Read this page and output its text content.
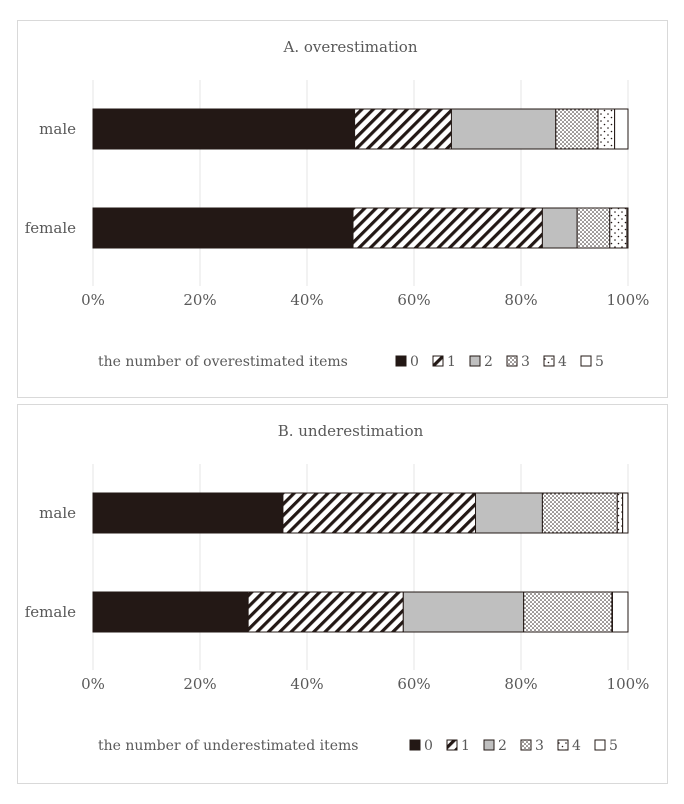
A. overestimation
0%	20%	40%	60%	80%	100%
male
female
the number of overestimated items	0 1 2 3 4 5
B. underestimation
0%	20%	40%	60%	80%	100%
male
female
the number of underestimated items	0 1 2 3 4 5
